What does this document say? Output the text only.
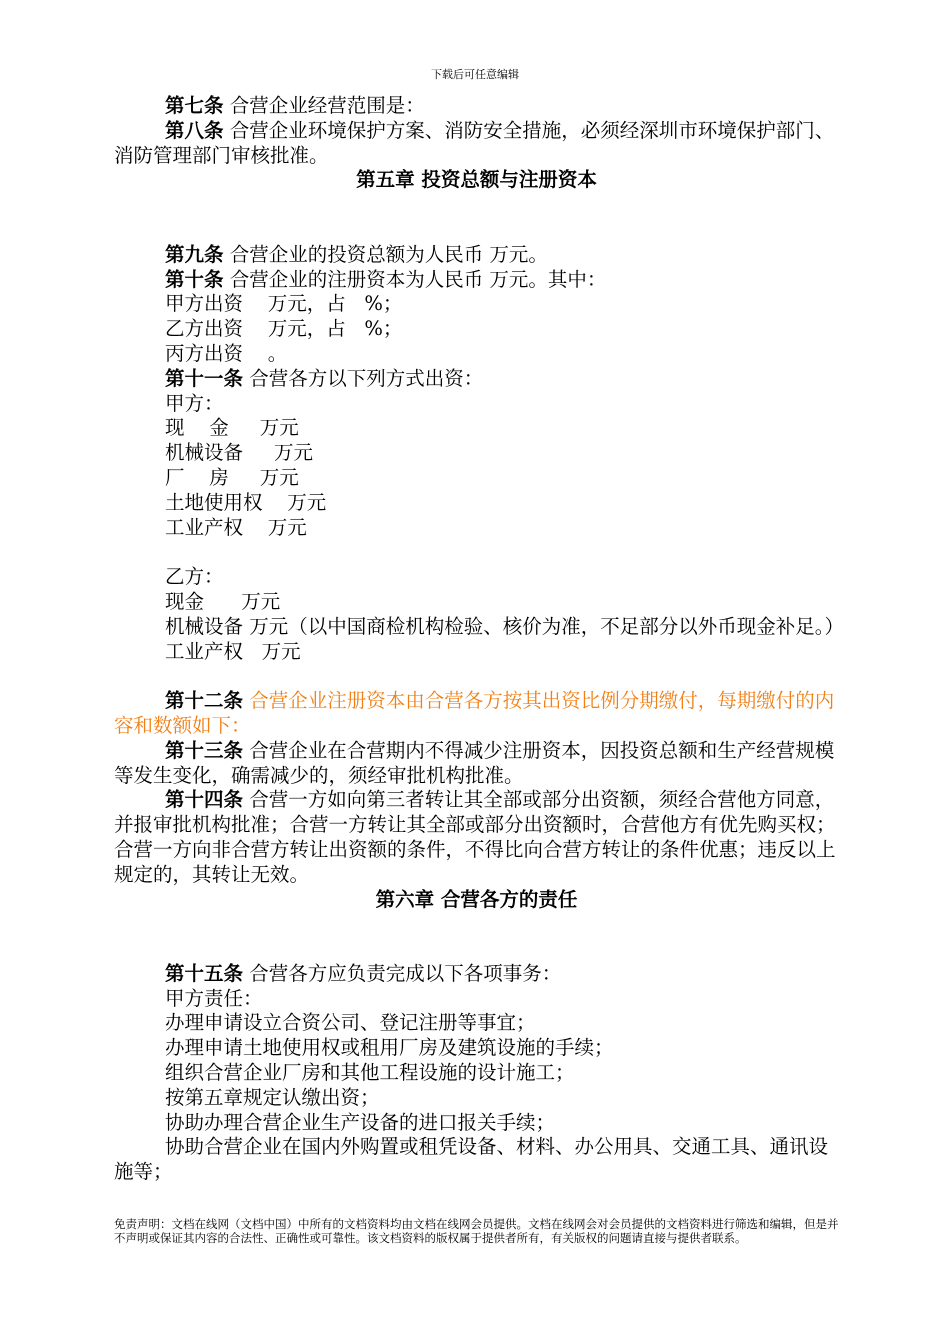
下载后可任意编辑

第七条 合营企业经营范围是：

第八条 合营企业环境保护方案、消防安全措施，必须经深圳市环境保护部门、消防管理部门审核批准。

第五章 投资总额与注册资本

第九条 合营企业的投资总额为人民币 万元。

第十条 合营企业的注册资本为人民币 万元。其中：

甲方出资    万元，占   %；

乙方出资    万元，占   %；

丙方出资    。

第十一条 合营各方以下列方式出资：

甲方：

现    金     万元

机械设备     万元

厂    房     万元

土地使用权    万元

工业产权    万元

乙方：

现金      万元

机械设备 万元（以中国商检机构检验、核价为准，不足部分以外币现金补足。）

工业产权   万元

第十二条 合营企业注册资本由合营各方按其出资比例分期缴付，每期缴付的内容和数额如下：

第十三条 合营企业在合营期内不得减少注册资本，因投资总额和生产经营规模等发生变化，确需减少的，须经审批机构批准。

第十四条 合营一方如向第三者转让其全部或部分出资额，须经合营他方同意，并报审批机构批准；合营一方转让其全部或部分出资额时，合营他方有优先购买权；合营一方向非合营方转让出资额的条件，不得比向合营方转让的条件优惠；违反以上规定的，其转让无效。

第六章 合营各方的责任

第十五条 合营各方应负责完成以下各项事务：

甲方责任：

办理申请设立合资公司、登记注册等事宜；

办理申请土地使用权或租用厂房及建筑设施的手续；

组织合营企业厂房和其他工程设施的设计施工；

按第五章规定认缴出资；

协助办理合营企业生产设备的进口报关手续；

协助合营企业在国内外购置或租凭设备、材料、办公用具、交通工具、通讯设施等；

免责声明：文档在线网（文档中国）中所有的文档资料均由文档在线网会员提供。文档在线网会对会员提供的文档资料进行筛选和编辑，但是并不声明或保证其内容的合法性、正确性或可靠性。该文档资料的版权属于提供者所有，有关版权的问题请直接与提供者联系。
